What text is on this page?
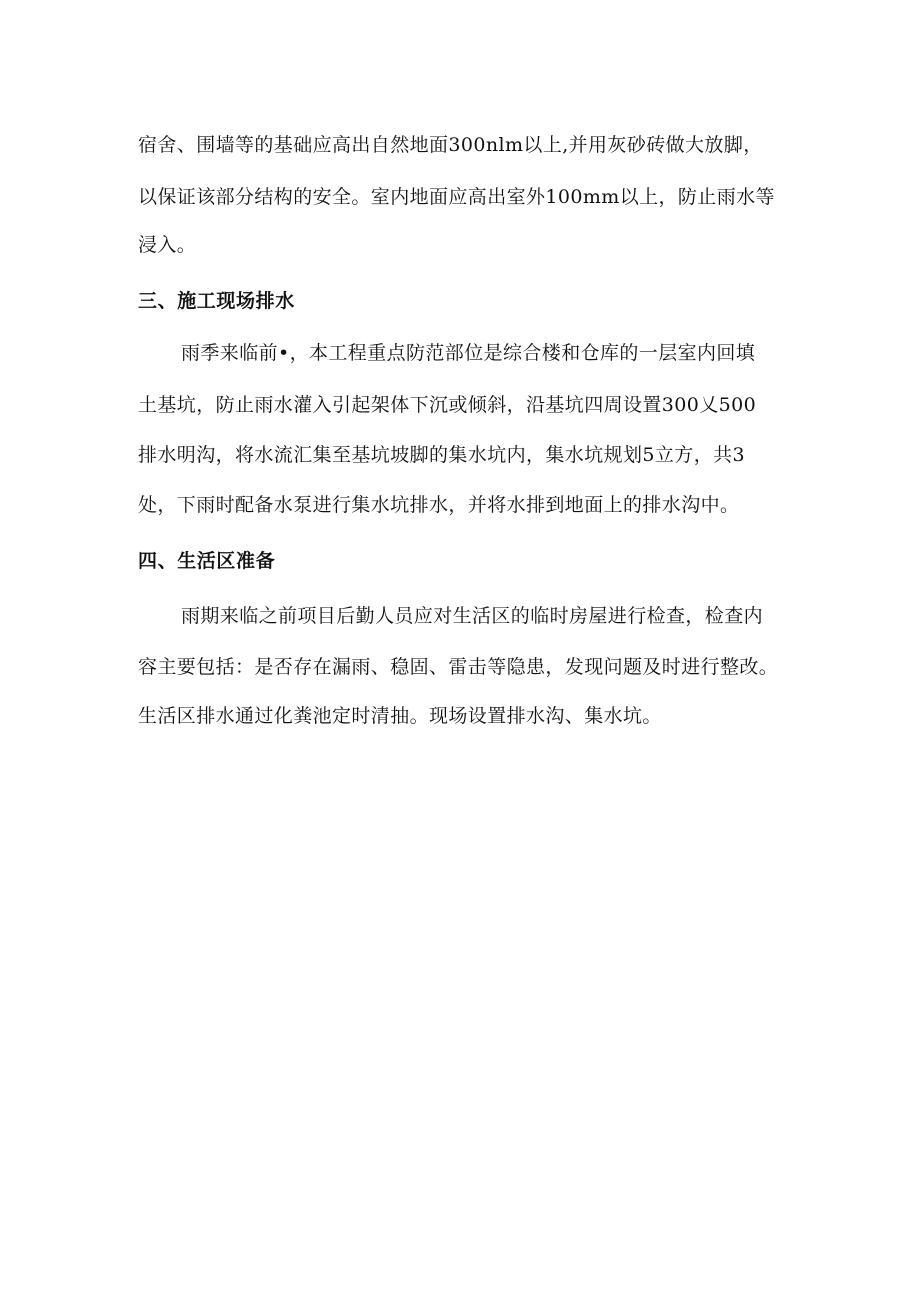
宿舍、围墙等的基础应高出自然地面300nlm以上,并用灰砂砖做大放脚，
以保证该部分结构的安全。室内地面应高出室外100mm以上，防止雨水等
浸入。
三、施工现场排水
雨季来临前•，本工程重点防范部位是综合楼和仓库的一层室内回填
土基坑，防止雨水灌入引起架体下沉或倾斜，沿基坑四周设置300乂500
排水明沟，将水流汇集至基坑坡脚的集水坑内，集水坑规划5立方，共3
处，下雨时配备水泵进行集水坑排水，并将水排到地面上的排水沟中。
四、生活区准备
雨期来临之前项目后勤人员应对生活区的临时房屋进行检查，检查内
容主要包括：是否存在漏雨、稳固、雷击等隐患，发现问题及时进行整改。
生活区排水通过化粪池定时清抽。现场设置排水沟、集水坑。
